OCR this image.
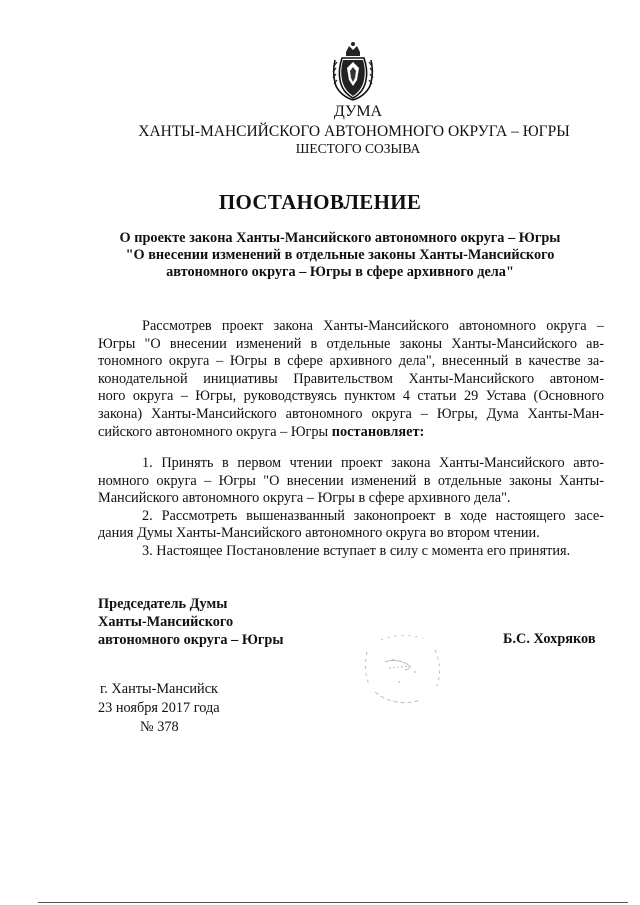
ДУМА
ХАНТЫ-МАНСИЙСКОГО АВТОНОМНОГО ОКРУГА – ЮГРЫ
ШЕСТОГО СОЗЫВА
ПОСТАНОВЛЕНИЕ
О проекте закона Ханты-Мансийского автономного округа – Югры
"О внесении изменений в отдельные законы Ханты-Мансийского
автономного округа – Югры в сфере архивного дела"
Рассмотрев проект закона Ханты-Мансийского автономного округа –
Югры "О внесении изменений в отдельные законы Ханты-Мансийского ав-
тономного округа – Югры в сфере архивного дела", внесенный в качестве за-
конодательной инициативы Правительством Ханты-Мансийского автоном-
ного округа – Югры, руководствуясь пунктом 4 статьи 29 Устава (Основного
закона) Ханты-Мансийского автономного округа – Югры, Дума Ханты-Ман-
сийского автономного округа – Югры постановляет:
1. Принять в первом чтении проект закона Ханты-Мансийского авто-
номного округа – Югры "О внесении изменений в отдельные законы Ханты-
Мансийского автономного округа – Югры в сфере архивного дела".
2. Рассмотреть вышеназванный законопроект в ходе настоящего засе-
дания Думы Ханты-Мансийского автономного округа во втором чтении.
3. Настоящее Постановление вступает в силу с момента его принятия.
Председатель Думы
Ханты-Мансийского
автономного округа – Югры	Б.С. Хохряков
г. Ханты-Мансийск
23 ноября 2017 года
№ 378
